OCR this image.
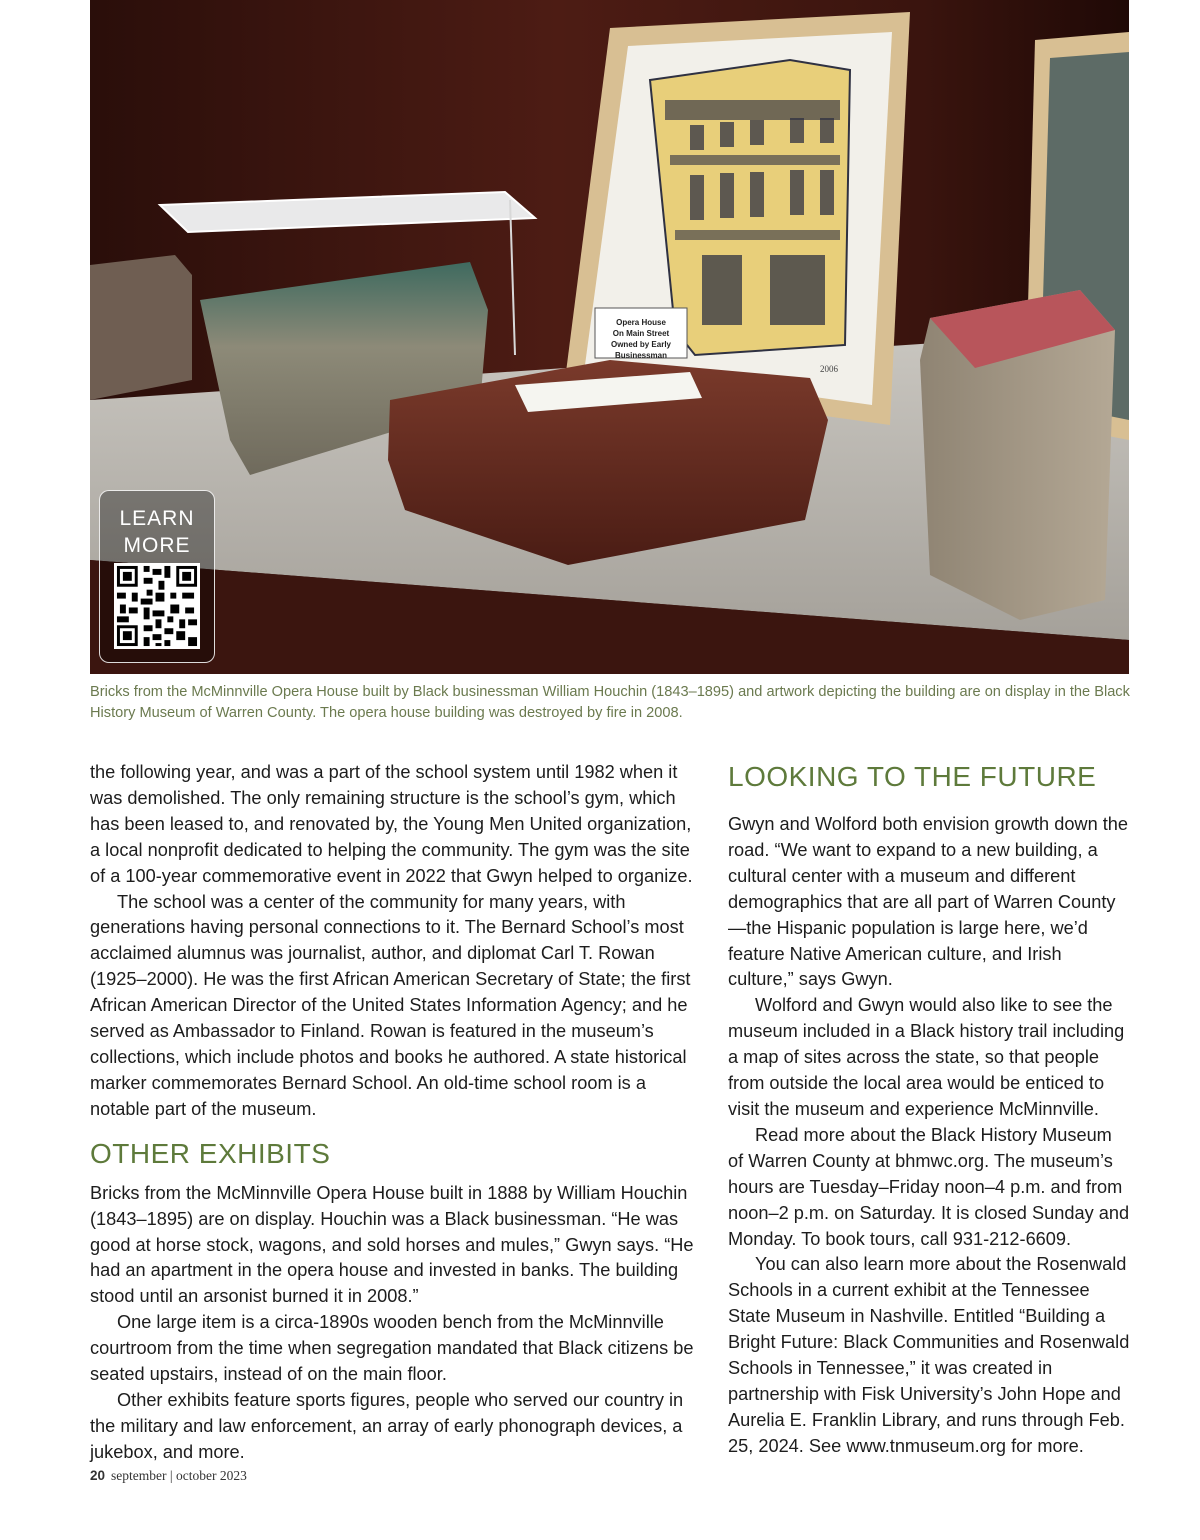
Opera House
On Main Street
Owned by Early
Businessman
2006
LEARN
MORE
Bricks from the McMinnville Opera House built by Black businessman William Houchin (1843–1895) and artwork depicting the building are on display in the Black History Museum of Warren County. The opera house building was destroyed by fire in 2008.

the following year, and was a part of the school system until 1982 when it was demolished. The only remaining structure is the school’s gym, which has been leased to, and renovated by, the Young Men United organization, a local nonprofit dedicated to helping the community. The gym was the site of a 100-year commemorative event in 2022 that Gwyn helped to organize.

The school was a center of the community for many years, with generations having personal connections to it. The Bernard School’s most acclaimed alumnus was journalist, author, and diplomat Carl T. Rowan (1925–2000). He was the first African American Secretary of State; the first African American Director of the United States Information Agency; and he served as Ambassador to Finland. Rowan is featured in the museum’s collections, which include photos and books he authored. A state historical marker commemorates Bernard School. An old-time school room is a notable part of the museum.

OTHER EXHIBITS

Bricks from the McMinnville Opera House built in 1888 by William Houchin (1843–1895) are on display. Houchin was a Black businessman. “He was good at horse stock, wagons, and sold horses and mules,” Gwyn says. “He had an apartment in the opera house and invested in banks. The building stood until an arsonist burned it in 2008.”

One large item is a circa-1890s wooden bench from the McMinnville courtroom from the time when segregation mandated that Black citizens be seated upstairs, instead of on the main floor.

Other exhibits feature sports figures, people who served our country in the military and law enforcement, an array of early phonograph devices, a jukebox, and more.

LOOKING TO THE FUTURE

Gwyn and Wolford both envision growth down the road. “We want to expand to a new building, a cultural center with a museum and different demographics that are all part of Warren County—the Hispanic population is large here, we’d feature Native American culture, and Irish culture,” says Gwyn.

Wolford and Gwyn would also like to see the museum included in a Black history trail including a map of sites across the state, so that people from outside the local area would be enticed to visit the museum and experience McMinnville.

Read more about the Black History Museum of Warren County at bhmwc.org. The museum’s hours are Tuesday–Friday noon–4 p.m. and from noon–2 p.m. on Saturday. It is closed Sunday and Monday. To book tours, call 931-212-6609.

You can also learn more about the Rosenwald Schools in a current exhibit at the Tennessee State Museum in Nashville. Entitled “Building a Bright Future: Black Communities and Rosenwald Schools in Tennessee,” it was created in partnership with Fisk University’s John Hope and Aurelia E. Franklin Library, and runs through Feb. 25, 2024. See www.tnmuseum.org for more.

20 september | october 2023
